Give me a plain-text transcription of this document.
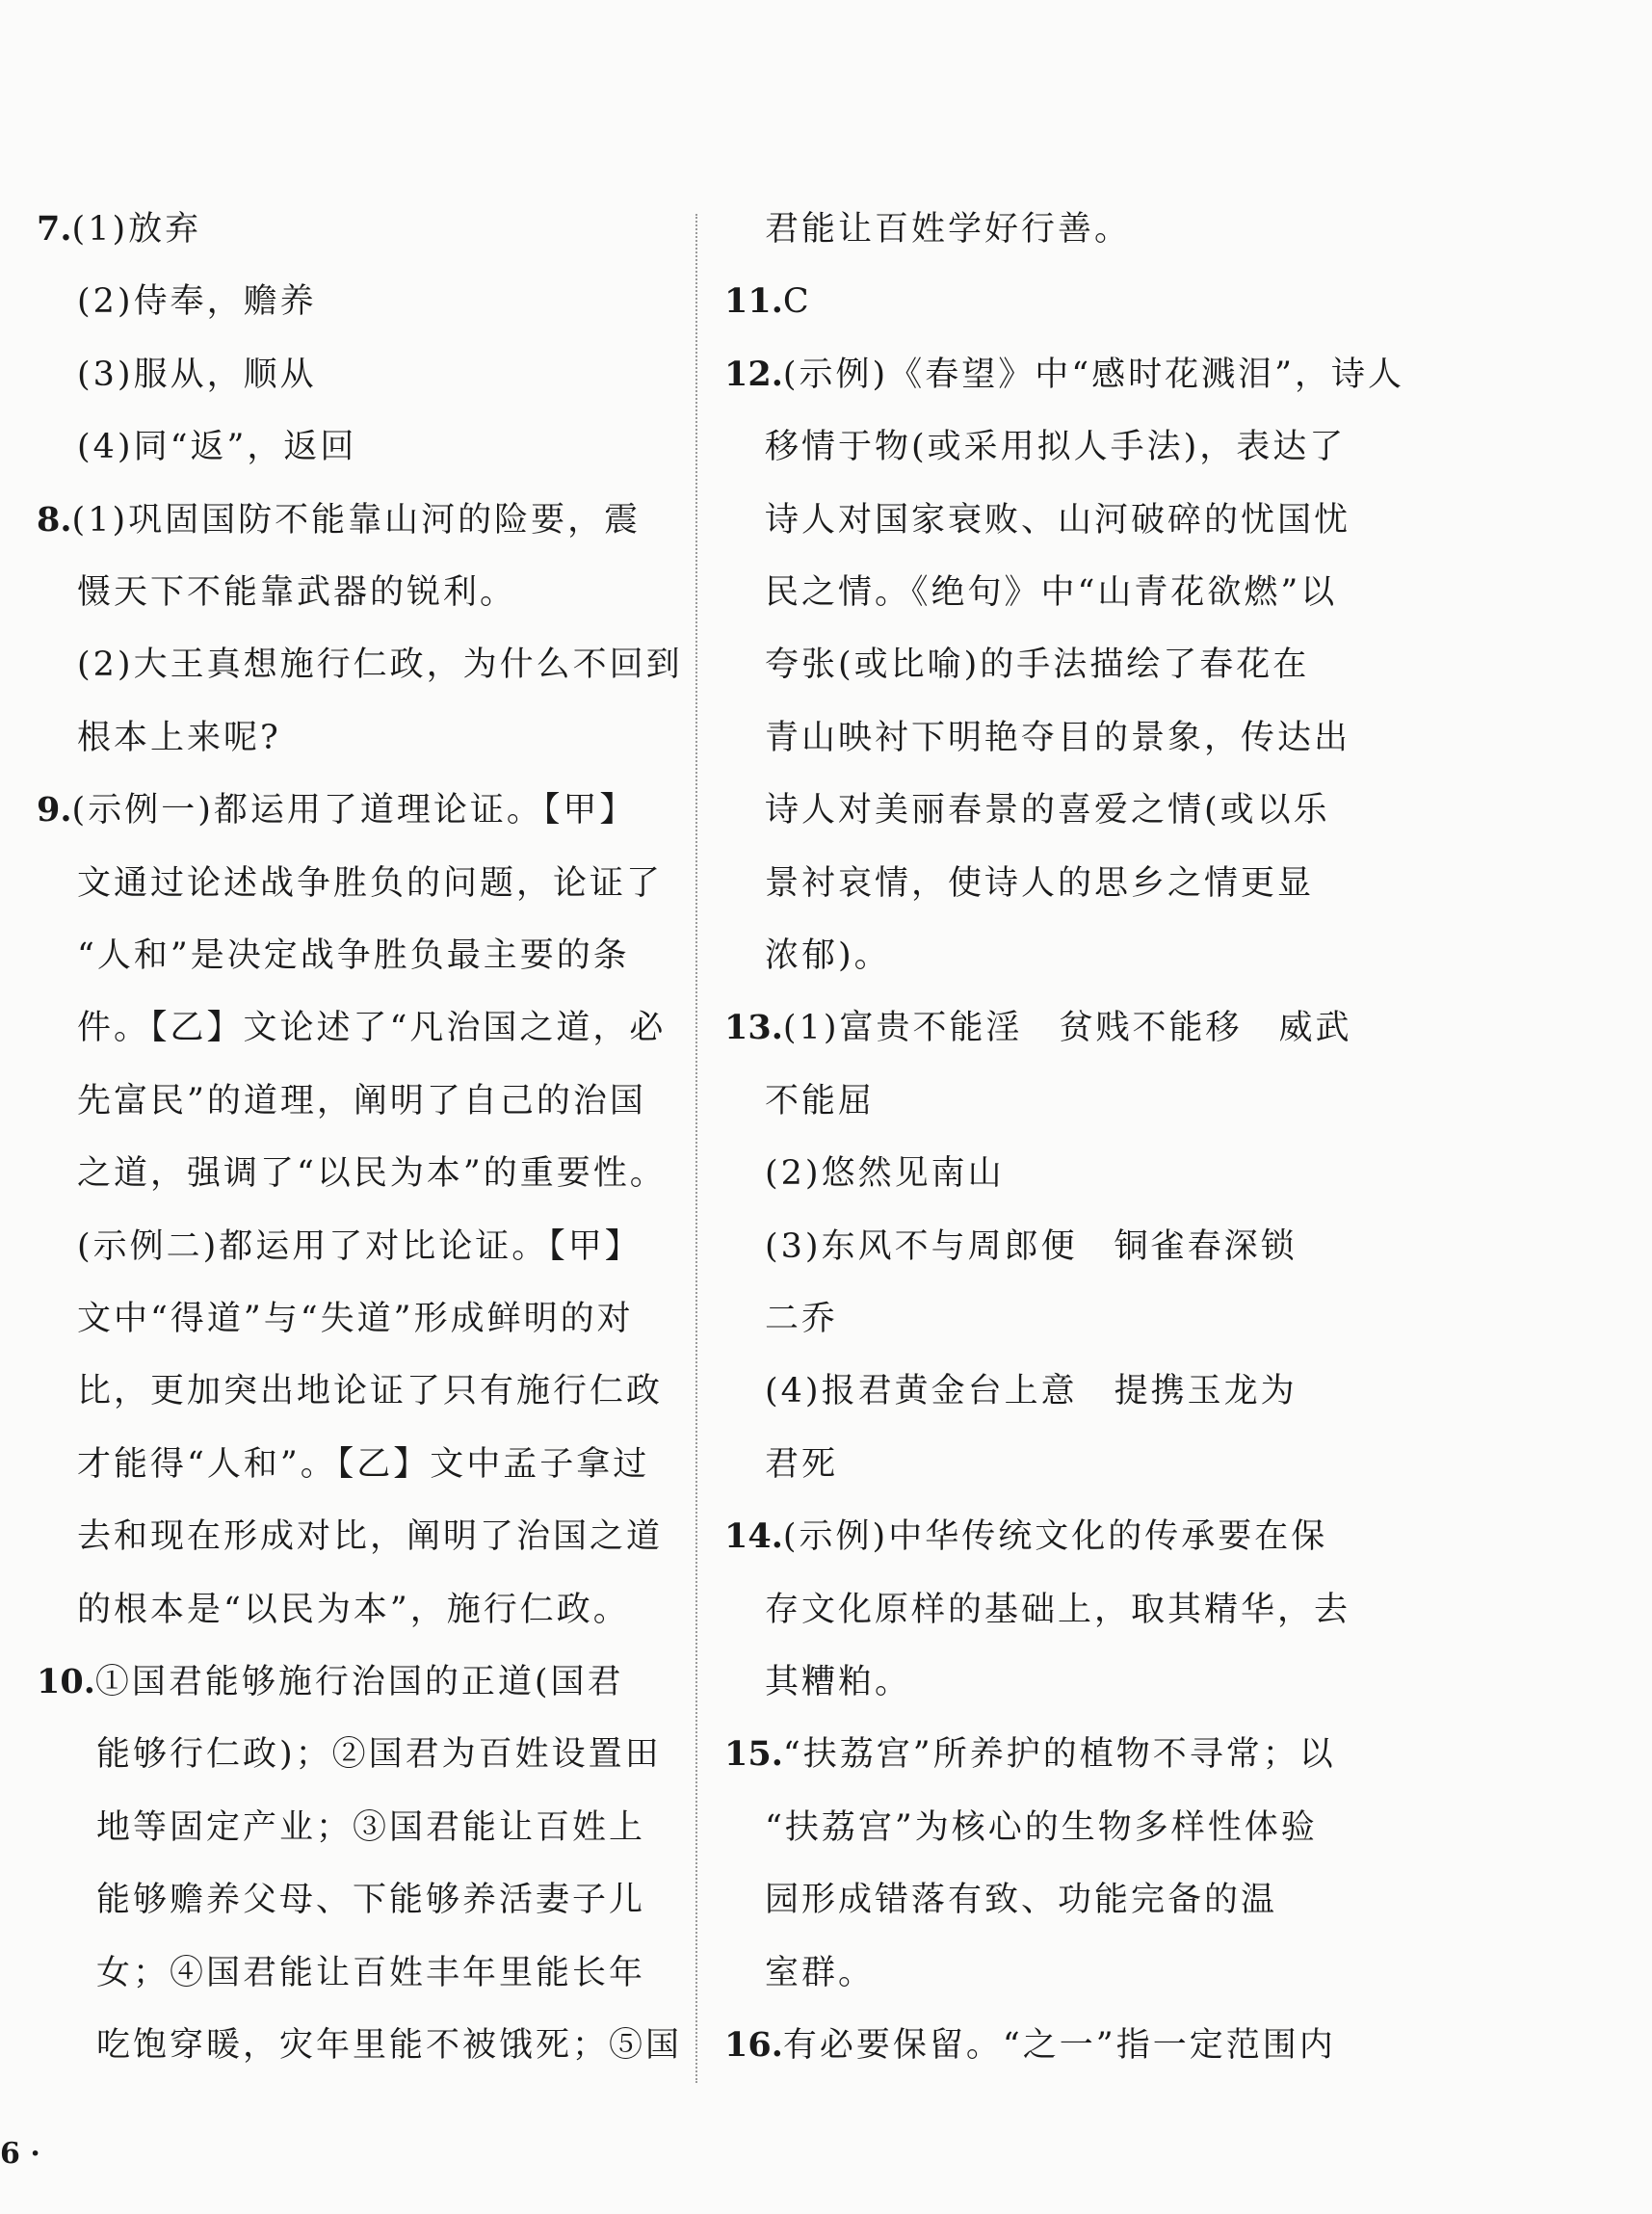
7.(1)放弃
(2)侍奉，赡养
(3)服从，顺从
(4)同“返”，返回
8.(1)巩固国防不能靠山河的险要，震
慑天下不能靠武器的锐利。
(2)大王真想施行仁政，为什么不回到
根本上来呢?
9.(示例一)都运用了道理论证。【甲】
文通过论述战争胜负的问题，论证了
“人和”是决定战争胜负最主要的条
件。【乙】文论述了“凡治国之道，必
先富民”的道理，阐明了自己的治国
之道，强调了“以民为本”的重要性。
(示例二)都运用了对比论证。【甲】
文中“得道”与“失道”形成鲜明的对
比，更加突出地论证了只有施行仁政
才能得“人和”。【乙】文中孟子拿过
去和现在形成对比，阐明了治国之道
的根本是“以民为本”，施行仁政。
10.①国君能够施行治国的正道(国君
能够行仁政)；②国君为百姓设置田
地等固定产业；③国君能让百姓上
能够赡养父母、下能够养活妻子儿
女；④国君能让百姓丰年里能长年
吃饱穿暖，灾年里能不被饿死；⑤国
君能让百姓学好行善。
11.C
12.(示例)《春望》中“感时花溅泪”，诗人
移情于物(或采用拟人手法)，表达了
诗人对国家衰败、山河破碎的忧国忧
民之情。《绝句》中“山青花欲燃”以
夸张(或比喻)的手法描绘了春花在
青山映衬下明艳夺目的景象，传达出
诗人对美丽春景的喜爱之情(或以乐
景衬哀情，使诗人的思乡之情更显
浓郁)。
13.(1)富贵不能淫　贫贱不能移　威武
不能屈
(2)悠然见南山
(3)东风不与周郎便　铜雀春深锁
二乔
(4)报君黄金台上意　提携玉龙为
君死
14.(示例)中华传统文化的传承要在保
存文化原样的基础上，取其精华，去
其糟粕。
15.“扶荔宫”所养护的植物不寻常；以
“扶荔宫”为核心的生物多样性体验
园形成错落有致、功能完备的温
室群。
16.有必要保留。“之一”指一定范围内
6 ·
